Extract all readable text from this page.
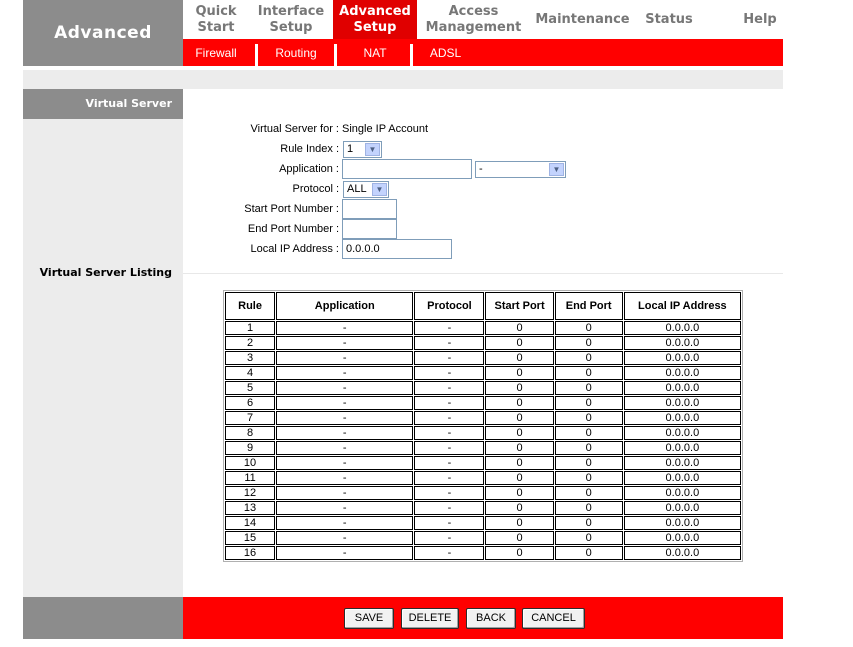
Advanced
Quick
Start
Interface
Setup
Advanced
Setup
Access
Management
Maintenance	Status	Help
Firewall	Routing	NAT	ADSL
Virtual Server
Virtual Server Listing
Virtual Server for : Single IP Account
Rule Index : 1	▼
Application :	-	▼
Protocol : ALL	▼
Start Port Number :
End Port Number :
Local IP Address : 0.0.0.0
Rule	Application	Protocol	Start Port	End Port	Local IP Address
1	-	-	0	0	0.0.0.0
2	-	-	0	0	0.0.0.0
3	-	-	0	0	0.0.0.0
4	-	-	0	0	0.0.0.0
5	-	-	0	0	0.0.0.0
6	-	-	0	0	0.0.0.0
7	-	-	0	0	0.0.0.0
8	-	-	0	0	0.0.0.0
9	-	-	0	0	0.0.0.0
10	-	-	0	0	0.0.0.0
11	-	-	0	0	0.0.0.0
12	-	-	0	0	0.0.0.0
13	-	-	0	0	0.0.0.0
14	-	-	0	0	0.0.0.0
15	-	-	0	0	0.0.0.0
16	-	-	0	0	0.0.0.0
SAVE	DELETE	BACK	CANCEL
